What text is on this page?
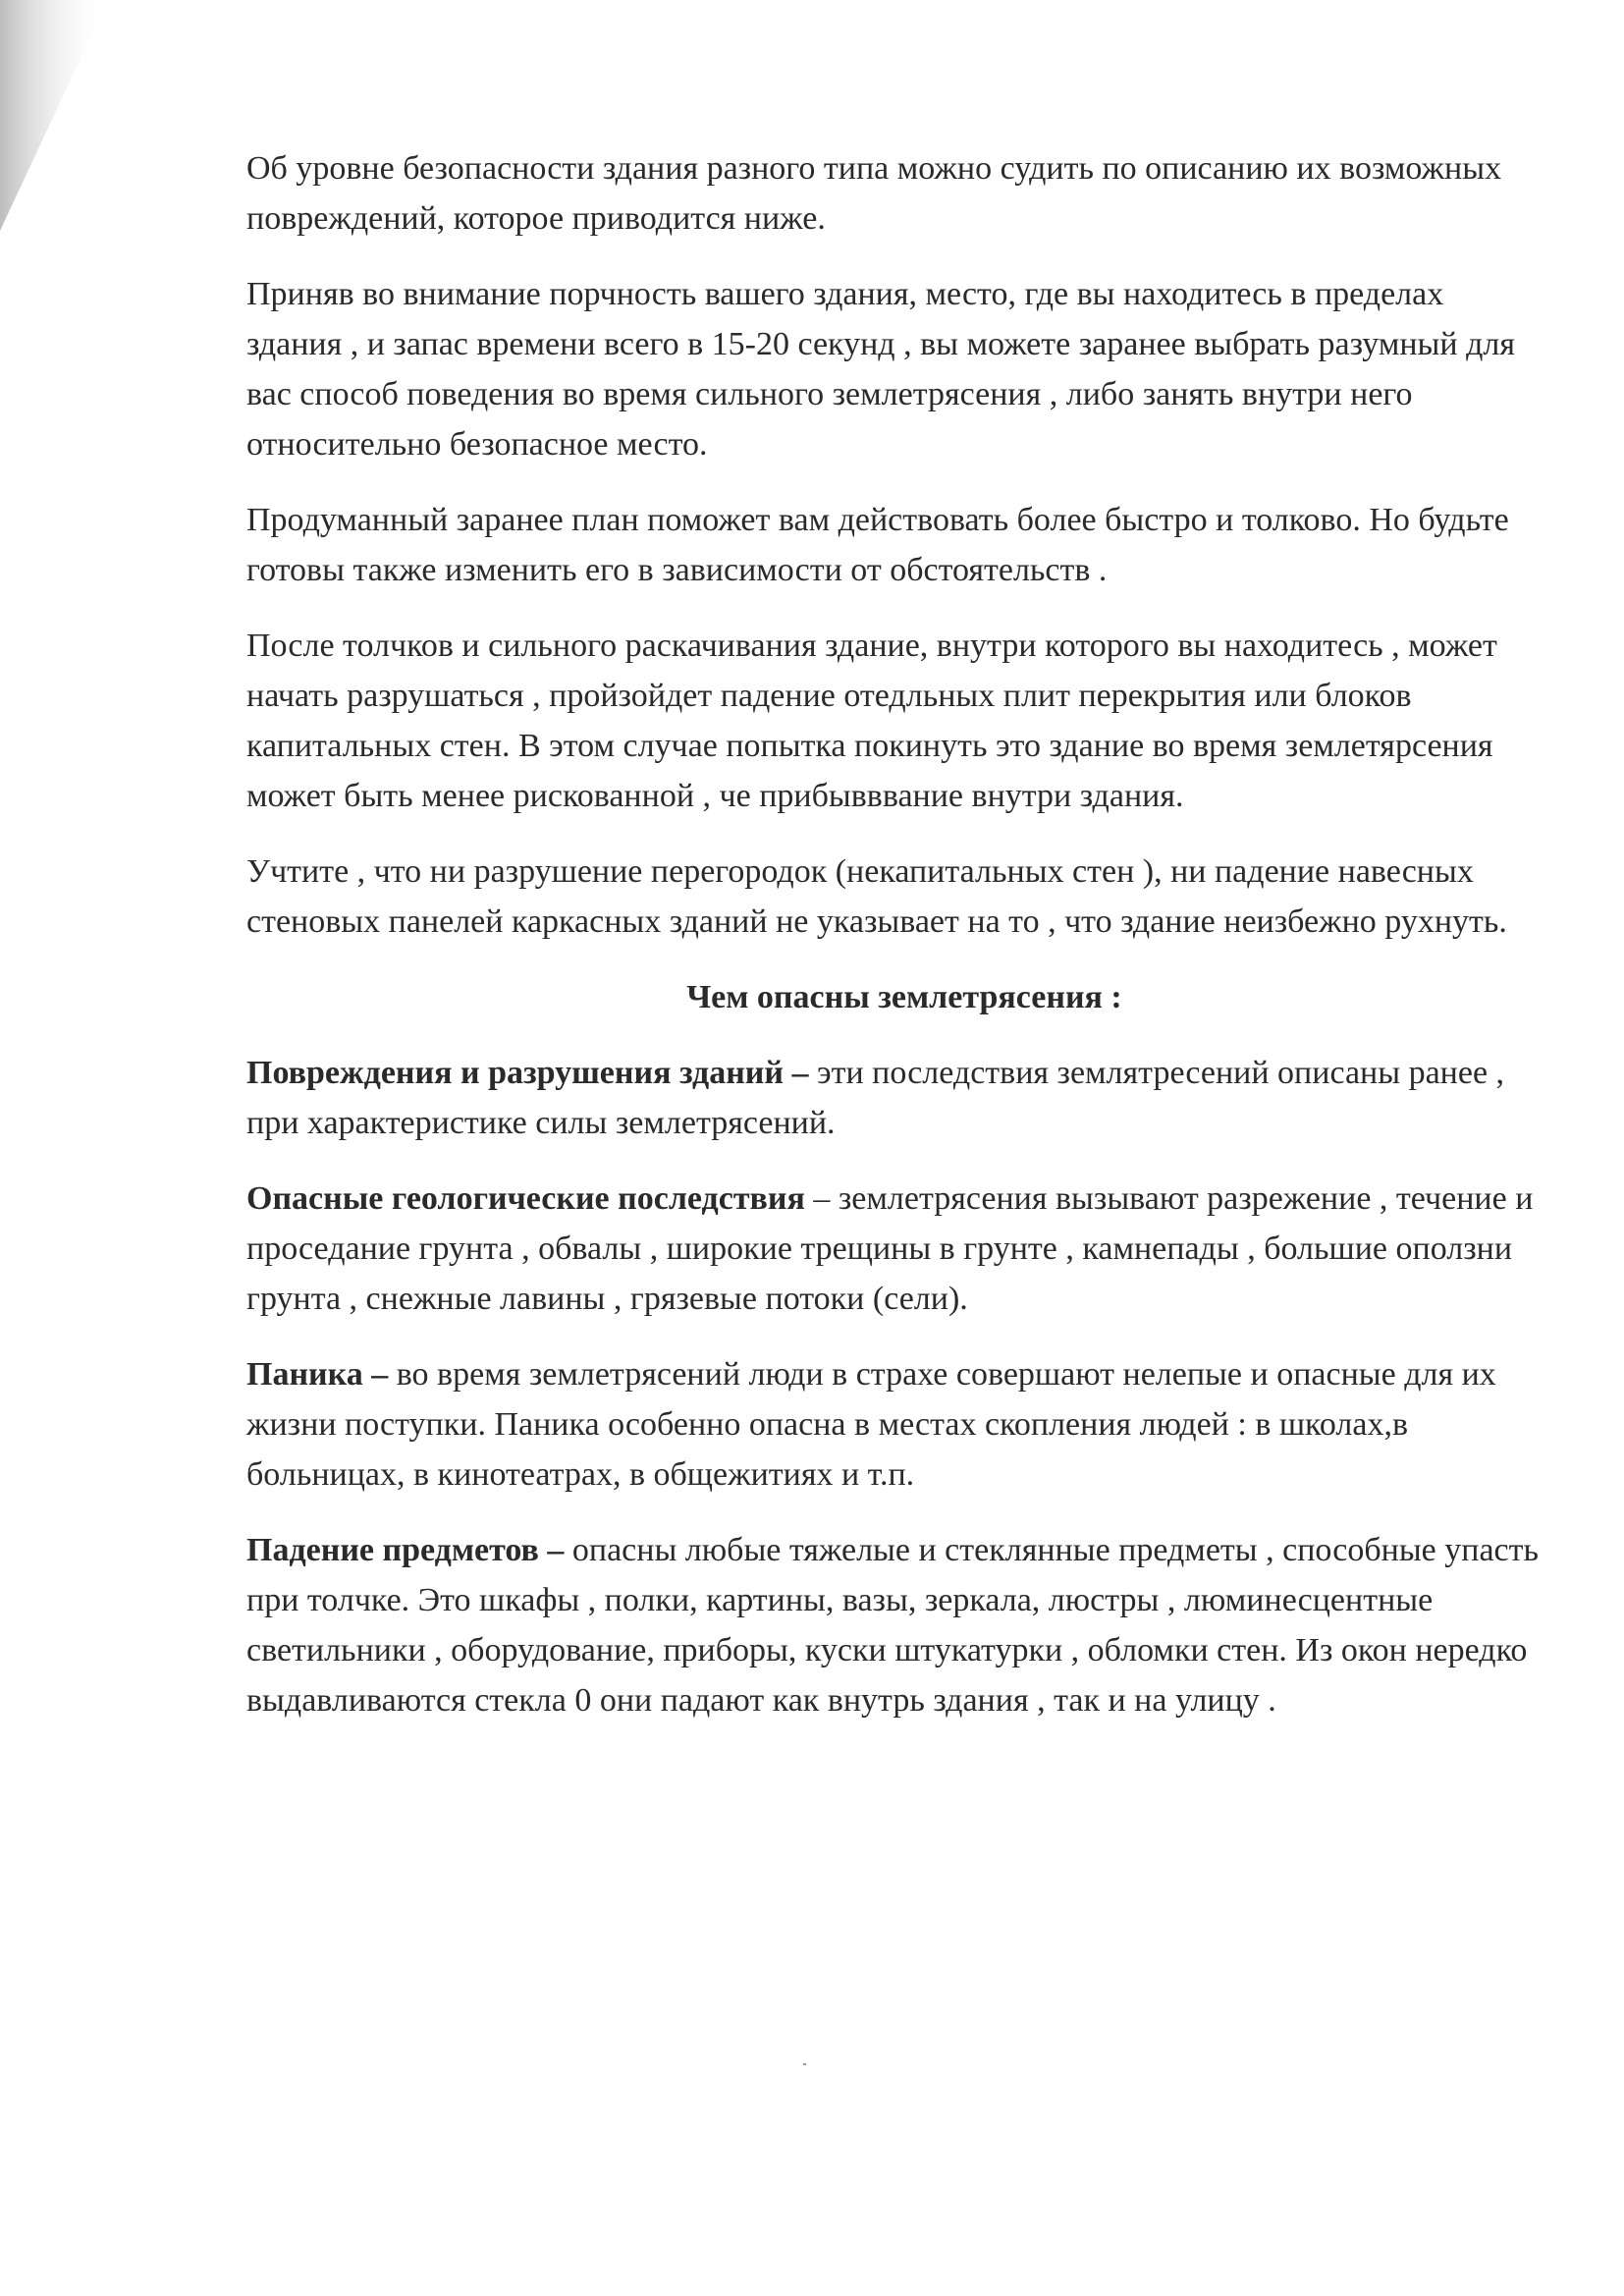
Об уровне безопасности здания разного типа можно судить по описанию их возможных повреждений, которое приводится ниже.

Приняв во внимание порчность вашего здания, место, где вы находитесь в пределах здания , и запас времени всего в 15-20 секунд , вы можете заранее выбрать разумный для вас способ поведения во время сильного землетрясения , либо занять внутри него относительно безопасное место.

Продуманный заранее план поможет вам действовать более быстро и толково. Но будьте готовы также изменить его в зависимости от обстоятельств .

После толчков и сильного раскачивания здание, внутри которого вы находитесь , может начать разрушаться , пройзойдет падение отедльных плит перекрытия или блоков капитальных стен. В этом случае попытка покинуть это здание во время землетярсения может быть менее рискованной , че прибывввание внутри здания.

Учтите , что ни разрушение перегородок (некапитальных стен ), ни падение навесных стеновых панелей каркасных зданий не указывает на то , что здание неизбежно рухнуть.

Чем опасны землетрясения :

Повреждения и разрушения зданий – эти последствия землятресений описаны ранее , при характеристике силы землетрясений.

Опасные геологические последствия – землетрясения вызывают разрежение , течение и проседание грунта , обвалы , широкие трещины в грунте , камнепады , большие оползни грунта , снежные лавины , грязевые потоки (сели).

Паника – во время землетрясений люди в страхе совершают нелепые и опасные для их жизни поступки. Паника особенно опасна в местах скопления людей : в школах,в больницах, в кинотеатрах, в общежитиях и т.п.

Падение предметов – опасны любые тяжелые и стеклянные предметы , способные упасть при толчке. Это шкафы , полки, картины, вазы, зеркала, люстры , люминесцентные светильники , оборудование, приборы, куски штукатурки , обломки стен. Из окон нередко выдавливаются стекла 0 они падают как внутрь здания , так и на улицу .
